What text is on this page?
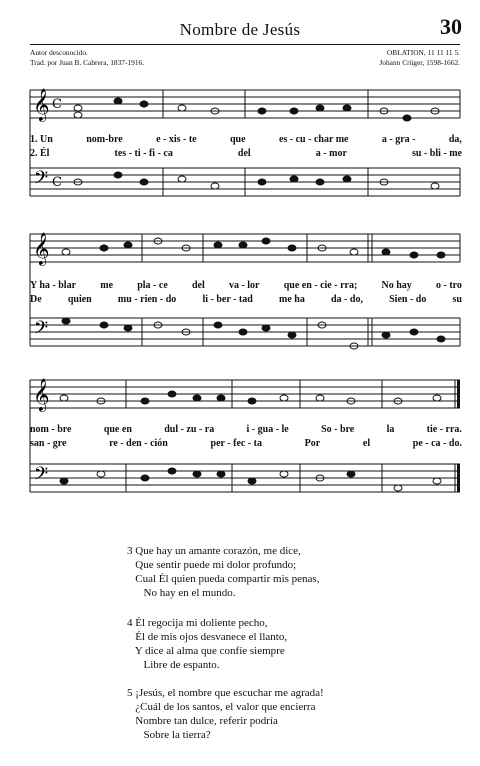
Nombre de Jesús	30
Autor desconocido.
Trad. por Juan B. Cabrera, 1837-1916.
OBLATION, 11 11 11 5.
Johann Crüger, 1598-1662.
𝄞 C
𝄢 C
1. Un	nom-bre	e - xis - te	que	es - cu - char me	a - gra -	da,
2. Él	tes - ti - fi - ca	del	a - mor	su - bli - me
𝄞
𝄢
Y ha - blar me pla - ce del va - lor que en - cie - rra; No hay o - tro
De	quien	mu - rien - do	li - ber - tad	me ha	da - do,	Sien - do	su
𝄞
𝄢
nom - bre	que en	dul - zu - ra	i - gua - le	So - bre	la	tie - rra.
san - gre	re - den - ción	per - fec - ta	Por	el	pe - ca - do.
3 Que hay un amante corazón, me dice,
Que sentir puede mi dolor profundo;
Cual Él quien pueda compartir mis penas,
No hay en el mundo.
4 Él regocija mi doliente pecho,
Él de mis ojos desvanece el llanto,
Y dice al alma que confíe siempre
Libre de espanto.
5 ¡Jesús, el nombre que escuchar me agrada!
¿Cuál de los santos, el valor que encierra
Nombre tan dulce, referir podría
Sobre la tierra?
